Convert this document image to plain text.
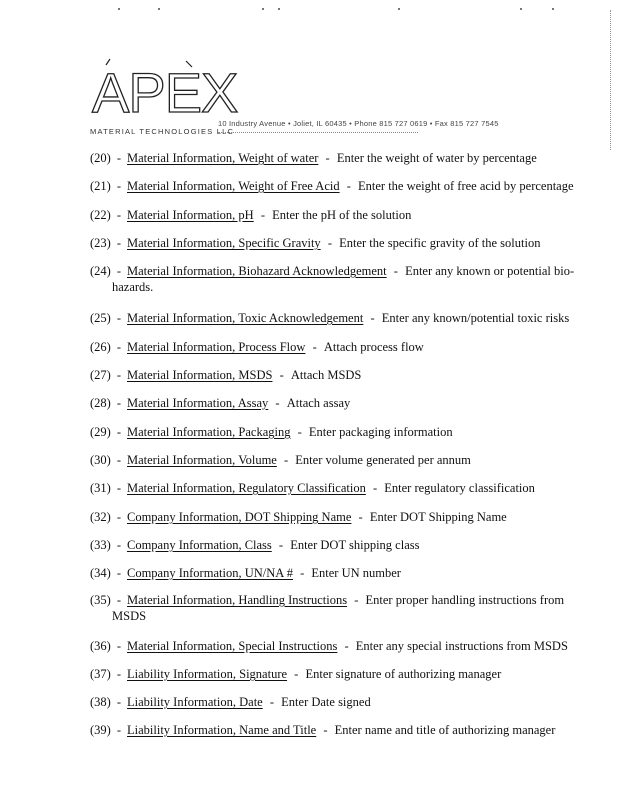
APEX
MATERIAL TECHNOLOGIES LLC
10 Industry Avenue • Joliet, IL 60435 • Phone 815 727 0619 • Fax 815 727 7545
(20) - Material Information, Weight of water - Enter the weight of water by percentage
(21) - Material Information, Weight of Free Acid - Enter the weight of free acid by percentage
(22) - Material Information, pH - Enter the pH of the solution
(23) - Material Information, Specific Gravity - Enter the specific gravity of the solution
(24) - Material Information, Biohazard Acknowledgement - Enter any known or potential bio-
hazards.
(25) - Material Information, Toxic Acknowledgement - Enter any known/potential toxic risks
(26) - Material Information, Process Flow - Attach process flow
(27) - Material Information, MSDS - Attach MSDS
(28) - Material Information, Assay - Attach assay
(29) - Material Information, Packaging - Enter packaging information
(30) - Material Information, Volume - Enter volume generated per annum
(31) - Material Information, Regulatory Classification - Enter regulatory classification
(32) - Company Information, DOT Shipping Name - Enter DOT Shipping Name
(33) - Company Information, Class - Enter DOT shipping class
(34) - Company Information, UN/NA # - Enter UN number
(35) - Material Information, Handling Instructions - Enter proper handling instructions from
MSDS
(36) - Material Information, Special Instructions - Enter any special instructions from MSDS
(37) - Liability Information, Signature - Enter signature of authorizing manager
(38) - Liability Information, Date - Enter Date signed
(39) - Liability Information, Name and Title - Enter name and title of authorizing manager
